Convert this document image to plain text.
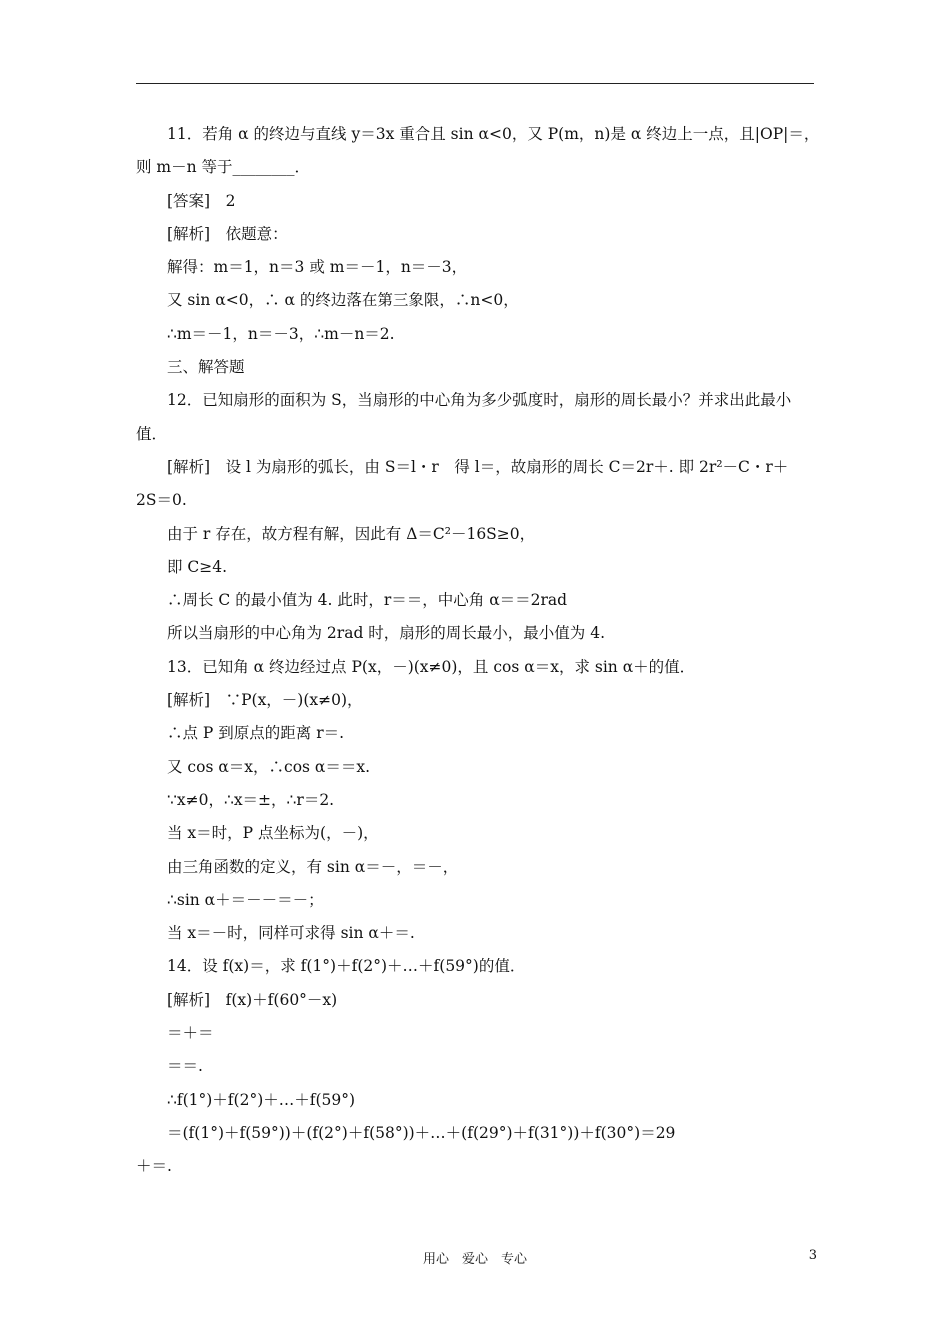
11．若角 α 的终边与直线 y＝3x 重合且 sin α<0，又 P(m，n)是 α 终边上一点，且|OP|＝，
则 m－n 等于________．
[答案]　2
[解析]　依题意：
解得：m＝1，n＝3 或 m＝－1，n＝－3，
又 sin α<0，∴ α 的终边落在第三象限，∴n<0，
∴m＝－1，n＝－3，∴m－n＝2.
三、解答题
12．已知扇形的面积为 S，当扇形的中心角为多少弧度时，扇形的周长最小？并求出此最小
值．
[解析]　设 l 为扇形的弧长，由 S＝l・r　得 l＝，故扇形的周长 C＝2r＋. 即 2r²－C・r＋
2S＝0.
由于 r 存在，故方程有解，因此有 Δ＝C²－16S≥0，
即 C≥4.
∴周长 C 的最小值为 4. 此时，r＝＝，中心角 α＝＝2rad
所以当扇形的中心角为 2rad 时，扇形的周长最小，最小值为 4.
13．已知角 α 终边经过点 P(x，－)(x≠0)，且 cos α＝x，求 sin α＋的值．
[解析]　∵P(x，－)(x≠0)，
∴点 P 到原点的距离 r＝.
又 cos α＝x，∴cos α＝＝x.
∵x≠0，∴x＝±，∴r＝2.
当 x＝时，P 点坐标为(，－)，
由三角函数的定义，有 sin α＝－，＝－，
∴sin α＋＝－－＝－；
当 x＝－时，同样可求得 sin α＋＝.
14．设 f(x)＝，求 f(1°)＋f(2°)＋…＋f(59°)的值．
[解析]　f(x)＋f(60°－x)
＝＋＝
＝＝.
∴f(1°)＋f(2°)＋…＋f(59°)
＝(f(1°)＋f(59°))＋(f(2°)＋f(58°))＋…＋(f(29°)＋f(31°))＋f(30°)＝29
＋＝.
用心　爱心　专心	3
